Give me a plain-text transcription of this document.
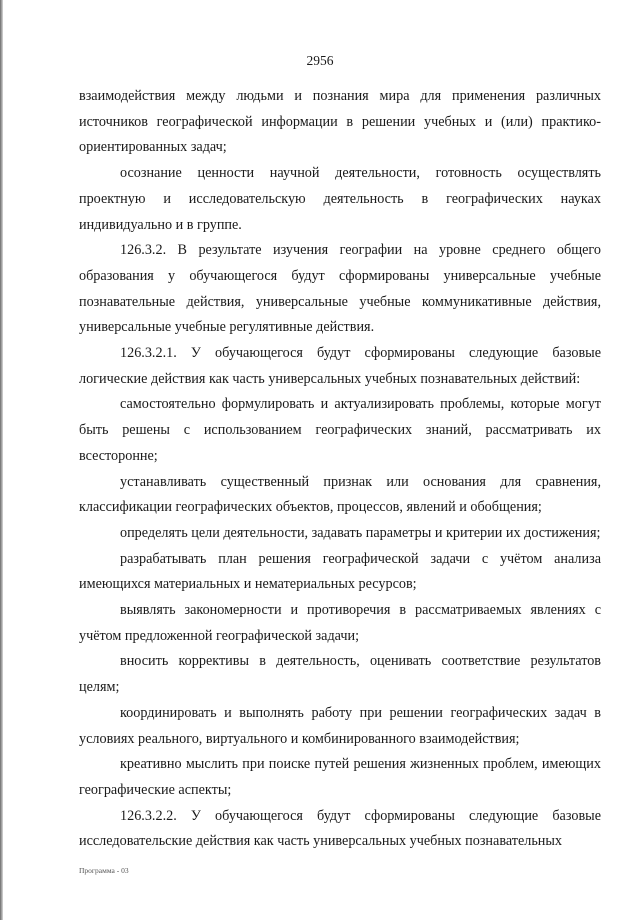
2956

взаимодействия между людьми и познания мира для применения различных источников географической информации в решении учебных и (или) практико-ориентированных задач;

осознание ценности научной деятельности, готовность осуществлять проектную и исследовательскую деятельность в географических науках индивидуально и в группе.

126.3.2. В результате изучения географии на уровне среднего общего образования у обучающегося будут сформированы универсальные учебные познавательные действия, универсальные учебные коммуникативные действия, универсальные учебные регулятивные действия.

126.3.2.1. У обучающегося будут сформированы следующие базовые логические действия как часть универсальных учебных познавательных действий:

самостоятельно формулировать и актуализировать проблемы, которые могут быть решены с использованием географических знаний, рассматривать их всесторонне;

устанавливать существенный признак или основания для сравнения, классификации географических объектов, процессов, явлений и обобщения;

определять цели деятельности, задавать параметры и критерии их достижения;

разрабатывать план решения географической задачи с учётом анализа имеющихся материальных и нематериальных ресурсов;

выявлять закономерности и противоречия в рассматриваемых явлениях с учётом предложенной географической задачи;

вносить коррективы в деятельность, оценивать соответствие результатов целям;

координировать и выполнять работу при решении географических задач в условиях реального, виртуального и комбинированного взаимодействия;

креативно мыслить при поиске путей решения жизненных проблем, имеющих географические аспекты;

126.3.2.2. У обучающегося будут сформированы следующие базовые исследовательские действия как часть универсальных учебных познавательных

Программа - 03
